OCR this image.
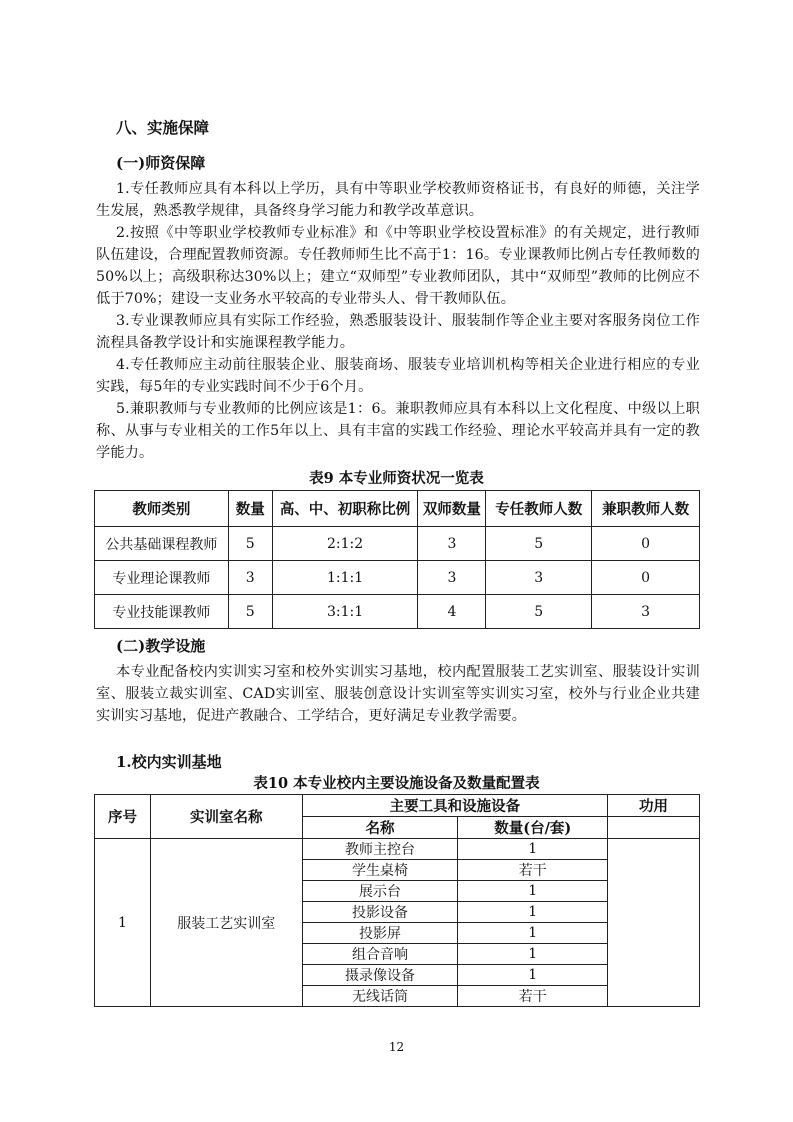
八、实施保障
(一)师资保障

1.专任教师应具有本科以上学历，具有中等职业学校教师资格证书，有良好的师德，关注学生发展，熟悉教学规律，具备终身学习能力和教学改革意识。

2.按照《中等职业学校教师专业标准》和《中等职业学校设置标准》的有关规定，进行教师队伍建设，合理配置教师资源。专任教师师生比不高于1：16。专业课教师比例占专任教师数的50%以上；高级职称达30%以上；建立“双师型”专业教师团队，其中“双师型”教师的比例应不低于70%；建设一支业务水平较高的专业带头人、骨干教师队伍。

3.专业课教师应具有实际工作经验，熟悉服装设计、服装制作等企业主要对客服务岗位工作流程具备教学设计和实施课程教学能力。

4.专任教师应主动前往服装企业、服装商场、服装专业培训机构等相关企业进行相应的专业实践，每5年的专业实践时间不少于6个月。

5.兼职教师与专业教师的比例应该是1：6。兼职教师应具有本科以上文化程度、中级以上职称、从事与专业相关的工作5年以上、具有丰富的实践工作经验、理论水平较高并具有一定的教学能力。

表9 本专业师资状况一览表
教师类别	数量	高、中、初职称比例	双师数量	专任教师人数	兼职教师人数
公共基础课程教师	5	2:1:2	3	5	0
专业理论课教师	3	1:1:1	3	3	0
专业技能课教师	5	3:1:1	4	5	3
(二)教学设施

本专业配备校内实训实习室和校外实训实习基地，校内配置服装工艺实训室、服装设计实训室、服装立裁实训室、CAD实训室、服装创意设计实训室等实训实习室，校外与行业企业共建实训实习基地，促进产教融合、工学结合，更好满足专业教学需要。

1.校内实训基地
表10 本专业校内主要设施设备及数量配置表
序号	实训室名称	主要工具和设施设备		功用
		名称	数量(台/套)	
1	服装工艺实训室	教师主控台	1	
		学生桌椅	若干	
		展示台	1	
		投影设备	1	
		投影屏	1	
		组合音响	1	
		摄录像设备	1	
		无线话筒	若干	
12
